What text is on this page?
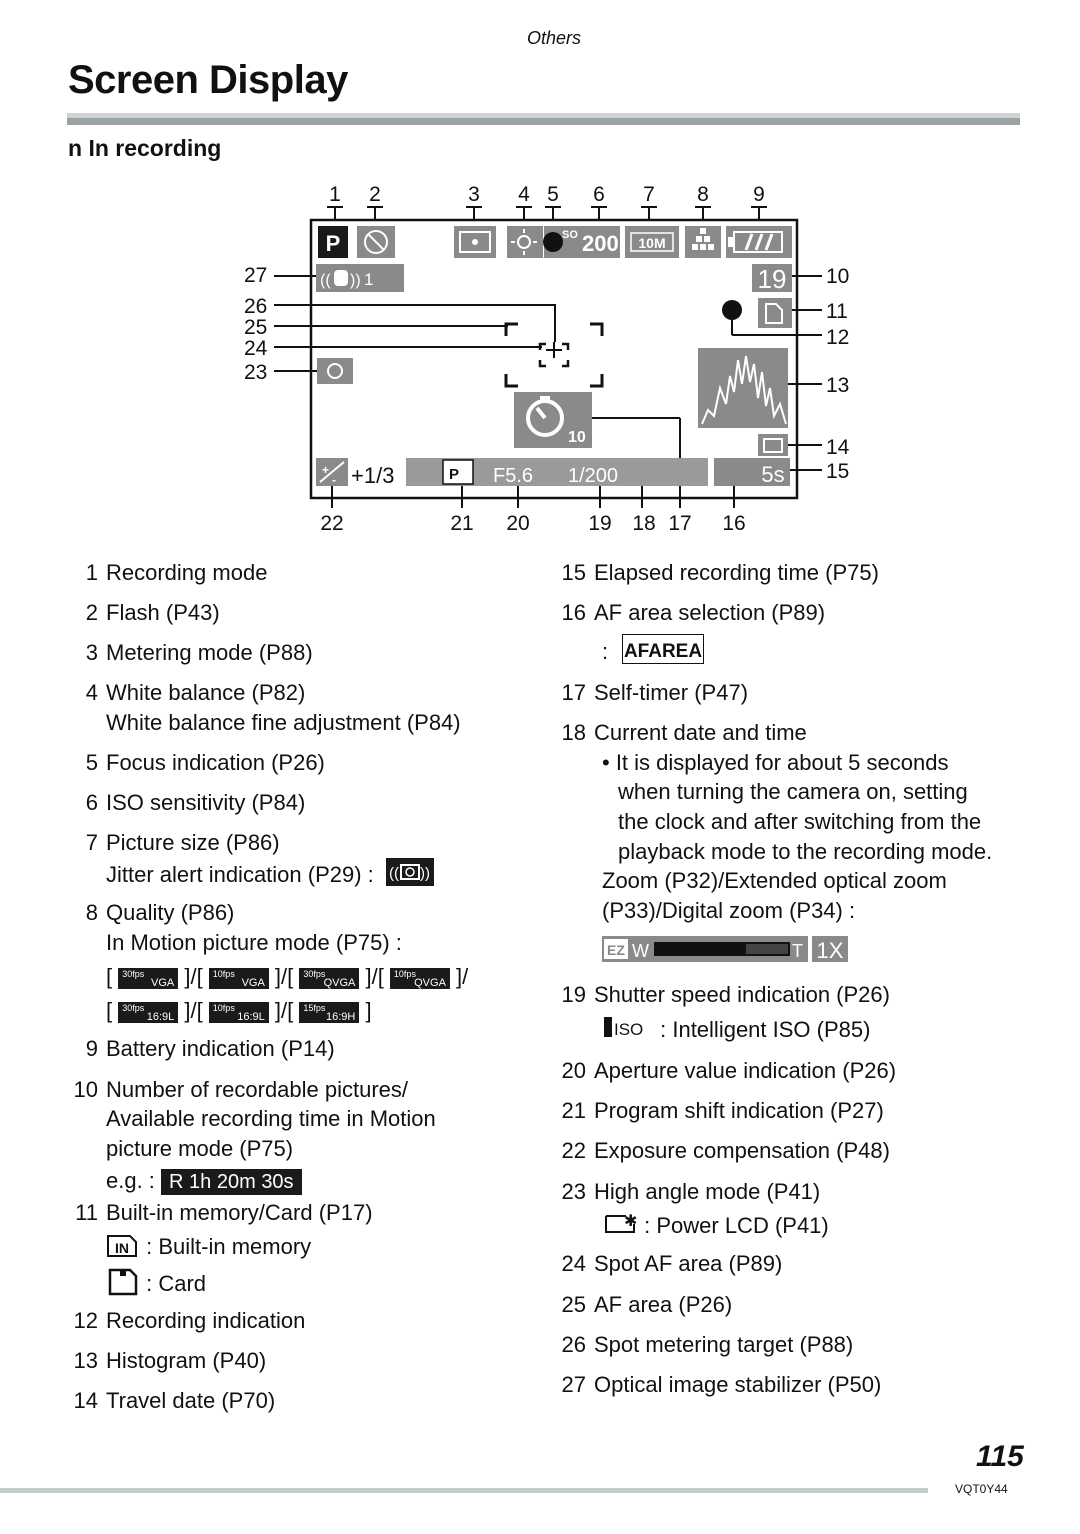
Others
Screen Display
n In recording
1 2	3 4 5 6 7 8 9
P	SO 200 10M
(( )) 1	19
10
+
- +1/3	P F5.6 1/200	5s
10
11
12
13
14
15
27
26
25
24
23
22	21 20	19 18 17 16
1 Recording mode
2 Flash (P43)
3 Metering mode (P88)
4 White balance (P82)
White balance fine adjustment (P84)
5 Focus indication (P26)
6 ISO sensitivity (P84)
7 Picture size (P86)
Jitter alert indication (P29) : (( ))
8 Quality (P86)
In Motion picture mode (P75) :
[ 30fps
VGA ]/[ 10fps
VGA ]/[ 30fps
QVGA ]/[ 10fps
QVGA ]/
[ 30fps
16:9L ]/[ 10fps
16:9L ]/[ 15fps
16:9H ]
9 Battery indication (P14)
10 Number of recordable pictures/
Available recording time in Motion
picture mode (P75)
e.g. : R 1h 20m 30s
11 Built-in memory/Card (P17)
IN : Built-in memory
: Card
12 Recording indication
13 Histogram (P40)
14 Travel date (P70)
15 Elapsed recording time (P75)
16 AF area selection (P89)
: AFAREA
17 Self-timer (P47)
18 Current date and time
• It is displayed for about 5 seconds
when turning the camera on, setting
the clock and after switching from the
playback mode to the recording mode.
Zoom (P32)/Extended optical zoom
(P33)/Digital zoom (P34) :
EZ W	T 1X
19 Shutter speed indication (P26)
ISO : Intelligent ISO (P85)
20 Aperture value indication (P26)
21 Program shift indication (P27)
22 Exposure compensation (P48)
23 High angle mode (P41)
✱ : Power LCD (P41)
24 Spot AF area (P89)
25 AF area (P26)
26 Spot metering target (P88)
27 Optical image stabilizer (P50)
115
VQT0Y44
